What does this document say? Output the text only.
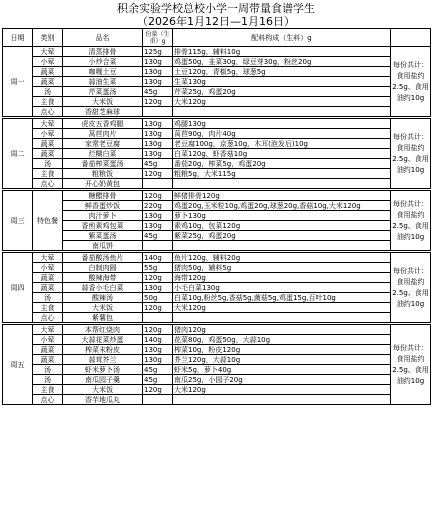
积余实验学校总校小学一周带量食谱学生
（2026年1月12日—1月16日）
日期	类别	品名	份量（生重）g	配料构成（生料）g	
周一	大荤	清蒸排骨	125g	排骨115g，辅料10g	每份共计：食用盐约2.5g、食用油约10g
	小荤	小炒合菜	130g	鸡蛋50g，韭菜30g，绿豆芽30g，粉丝20g	
	蔬菜	咖喱土豆	130g	土豆120g，青椒5g，球葱5g	
	蔬菜	蒜油生菜	130g	生菜130g	
	汤	芹菜蛋汤	45g	芹菜25g，鸡蛋20g	
	主食	大米饭	120g	大米120g	
	点心	香甜芝麻球			

周二	大荤	虎皮五香鸡腿	130g	鸡腿130g	每份共计：食用盐约2.5g、食用油约10g
	小荤	莴苣肉片	130g	莴苣90g，肉片40g	
	蔬菜	家常老豆腐	130g	老豆腐100g，京葱10g，木耳(泡发后)10g	
	蔬菜	烂糊白菜	130g	白菜120g，虾香菇10g	
	汤	番茄榨菜蛋汤	45g	番茄20g，榨菜5g，鸡蛋20g	
	主食	粗粮饭	120g	粗粮5g，大米115g	
	点心	开心奶黄包			

周三	特色餐	糖醋排骨	120g	鲜猪排骨120g	每份共计：食用盐约2.5g、食用油约10g
		鲜香蛋炒饭	220g	鸡蛋20g,玉米粒10g,鸡蛋20g,球葱20g,香菇10g,大米120g	
		肉汁萝卜	130g	萝卜130g	
		香煎素鸡包菜	130g	素鸡10g，包菜120g	
		紫菜蛋汤	45g	紫菜25g，鸡蛋20g	
		南瓜饼			

周四	大荤	番茄酸汤鱼片	140g	鱼片120g，辅料20g	每份共计：食用盐约2.5g、食用油约10g
	小荤	白制肉圆	55g	猪肉50g，辅料5g	
	蔬菜	酸辣海带	120g	海带120g	
	蔬菜	蒜香小毛白菜	130g	小毛白菜130g	
	汤	酸辣汤	50g	白菜10g,粉丝5g,香菇5g,菌菇5g,鸡蛋15g,百叶10g	
	主食	大米饭	120g	大米120g	
	点心	紫薯包			

周五	大荤	本帮红烧肉	120g	猪肉120g	每份共计：食用盐约2.5g、食用油约10g
	小荤	大蒜花菜炒蛋	140g	花菜80g，鸡蛋50g，大蒜10g	
	蔬菜	榨菜末粉皮	130g	榨菜10g，粉皮120g	
	蔬菜	蒜茸芥兰	130g	芥兰120g，大蒜10g	
	汤	虾米萝卜汤	45g	虾米5g，萝卜40g	
	汤	南瓜园子羹	45g	南瓜25g，小园子20g	
	主食	大米饭	120g	大米120g	
	点心	香芋地瓜丸			
